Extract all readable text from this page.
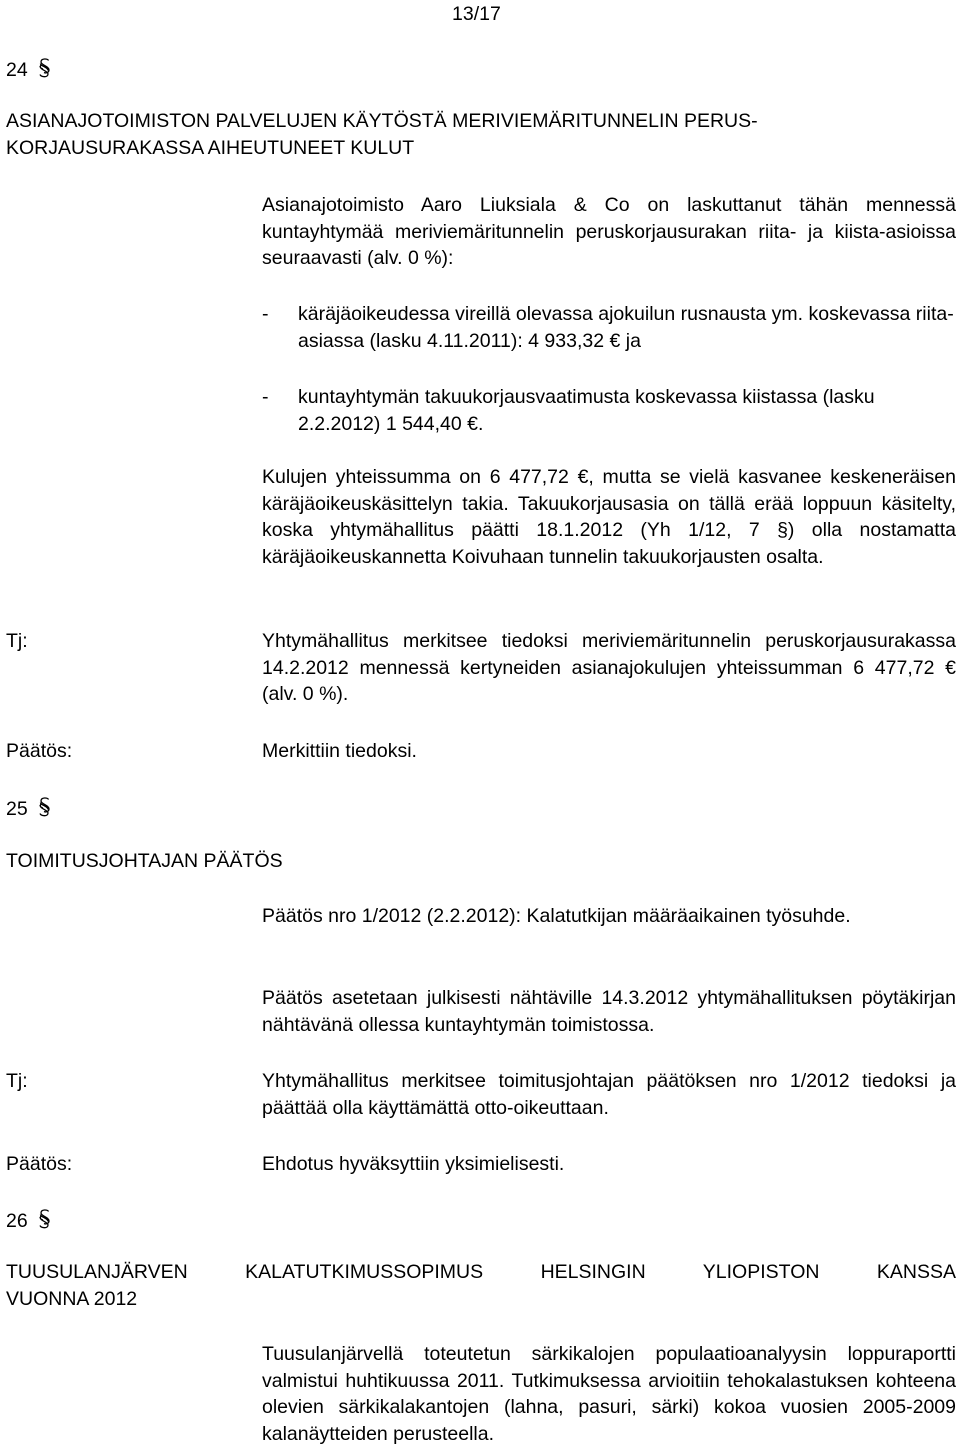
13/17
24
ASIANAJOTOIMISTON PALVELUJEN KÄYTÖSTÄ MERIVIEMÄRITUNNELIN PERUS-
KORJAUSURAKASSA AIHEUTUNEET KULUT

Asianajotoimisto Aaro Liuksiala & Co on laskuttanut tähän mennessä kuntayhtymää meriviemäritunnelin peruskorjausurakan riita- ja kiista-asioissa seuraavasti (alv. 0 %):

- käräjäoikeudessa vireillä olevassa ajokuilun rusnausta ym. koskevassa riita-asiassa (lasku 4.11.2011): 4 933,32 € ja
- kuntayhtymän takuukorjausvaatimusta koskevassa kiistassa (lasku 2.2.2012) 1 544,40 €.

Kulujen yhteissumma on 6 477,72 €, mutta se vielä kasvanee keskeneräisen käräjäoikeuskäsittelyn takia. Takuukorjausasia on tällä erää loppuun käsitelty, koska yhtymähallitus päätti 18.1.2012 (Yh 1/12, 7 §) olla nostamatta käräjäoikeuskannetta Koivuhaan tunnelin takuukorjausten osalta.

Tj:	Yhtymähallitus merkitsee tiedoksi meriviemäritunnelin peruskorjausurakassa 14.2.2012 mennessä kertyneiden asianajokulujen yhteissumman 6 477,72 € (alv. 0 %).

Päätös:	Merkittiin tiedoksi.
25
TOIMITUSJOHTAJAN PÄÄTÖS

Päätös nro 1/2012 (2.2.2012): Kalatutkijan määräaikainen työsuhde.

Päätös asetetaan julkisesti nähtäville 14.3.2012 yhtymähallituksen pöytäkirjan nähtävänä ollessa kuntayhtymän toimistossa.

Tj:	Yhtymähallitus merkitsee toimitusjohtajan päätöksen nro 1/2012 tiedoksi ja päättää olla käyttämättä otto-oikeuttaan.

Päätös:	Ehdotus hyväksyttiin yksimielisesti.
26
TUUSULANJÄRVEN KALATUTKIMUSSOPIMUS HELSINGIN YLIOPISTON KANSSA
VUONNA 2012

Tuusulanjärvellä toteutetun särkikalojen populaatioanalyysin loppuraportti valmistui huhtikuussa 2011. Tutkimuksessa arvioitiin tehokalastuksen kohteena olevien särkikalakantojen (lahna, pasuri, särki) kokoa vuosien 2005-2009 kalanäytteiden perusteella.
